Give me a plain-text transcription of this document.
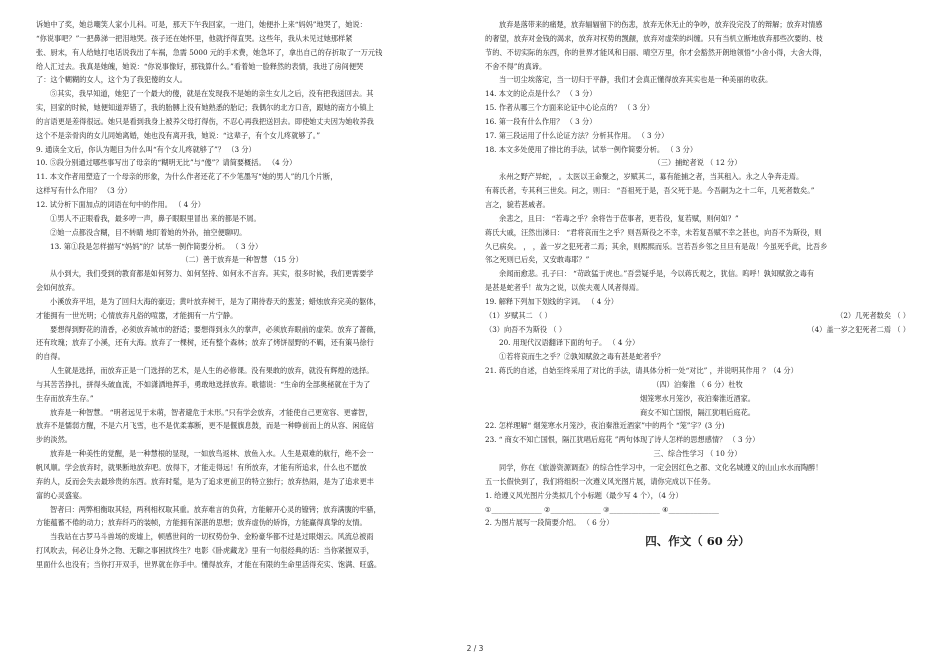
诉她中了奖，她总嘲笑人家小儿科。可是，那天下午我回家，一进门，她便扑上来“妈妈”地哭了，她说：

“你说事吧？”一把鼻涕一把泪地哭。孩子还在她怀里，他就抒得直哭。这些年，我从未见过她那样紧

张、厨末，有人给她打电话说我出了车祸，急需 5000 元的手术费，她急坏了，拿出自己的存折取了一万元钱

给人汇过去。我真是她魄，她说：“你说事像好，那钱算什么。”看着她一脸释然的表情，我进了房间便哭

了：这个糊糊的女人，这个为了我犯傻的女人。

⑤其实，我早知道，她犯了一个最大的傻，就是在发现我不是她的亲生女儿之后，没有把我送回去。其

实，回家的时候，她便知道弄错了，我的胎膊上没有她熟悉的胎记；我偶尔的北方口音，跟她的南方小镇上

的言语更是差得很远。她只是看到我身上被养父母打得伤，不忍心再我把送回去。即使她丈夫因为她收养我

这个不是亲骨肉的女儿同她离婚，她也没有离开我，她说：“这辈子，有个女儿疼就够了。”

9. 通读全文后，你认为题目为什么叫“有个女儿疼就够了”？ （3 分）

10. ⑤段分别通过哪些事写出了母亲的“糊明无比”与“傻”？请简要概括。 （4 分）

11. 本文作者用塑造了一个母亲的形象，为什么作者还花了不少笔墨写“她的男人”的几个片断，

这样写有什么作用？ （3 分）

12. 试分析下面加点的词语在句中的作用。 （ 4 分）

①男人不正眼看我，最多哼一声，鼻子眼眼里冒出 来的都是不屑。

②她一点都没含糊，目不转睛 地盯着她的外孙，抽空便聊叨。

13. 第①段是怎样描写“妈妈”的？试举一例作简要分析。 （ 3 分）

（二）善于放弃是一种智慧 （15 分）

从小到大，我们受到的教育都是如何努力、如何坚持、如何永不言弃。其实，很多时候，我们更需要学

会如何放弃。

小溪放弃平坦，是为了回归大海的豪迈；黄叶放弃树干，是为了期待春天的葱茏；蜡烛放弃完美的躯体，

才能拥有一世光明；心情放弃凡俗的喧嚣，才能拥有一片宁静。

要想得到野花的清香，必须放弃城市的舒适；要想得到永久的掌声，必须放弃眼前的虚荣。放弃了蔷薇，

还有玫瑰；放弃了小溪，还有大海。放弃了一棵树，还有整个森林；放弃了烤饼屋野的不羁，还有策马徐行

的自得。

人生就是选择，而放弃正是一门选择的艺术，是人生的必修课。没有果敢的放弃，就没有辉煌的选择。

与其苦苦挣扎，拼得头破血流，不如潇洒地挥手，勇敢地选择放弃。歌德说：“生命的全部奥秘就在于为了

生存而放弃生存。”

放弃是一种智慧。 “明者远见于未萌，智者避危于未形。”只有学会放弃，才能使自己更宽容、更睿智，

放弃不是懦弱方醒，不是六月飞雪，也不是优柔寡断，更不是偃旗息鼓，而是一种睁前而上的从容、闲庭信

步的淡然。

放弃是一种美性的觉醒，是一种慧根的显现，一如放鸟返林、放鱼入水。人生是艰难的航行，绝不会一

帆风顺。学会放弃时，就果断地放弃吧。放得下，才能走得远！有所放弃，才能有所追求，什么也不愿放

弃的人，反而会失去最珍贵的东西。放弃时髦，是为了追求更前卫的特立独行；放弃热闹，是为了追求更丰

富的心灵盛宴。

智者曰：两弊相衡取其轻，两利相权取其重。放弃难言的负荷，方能解开心灵的镣铐；放弃满腹的牢骚，

方能蕴蓄不倦的动力；放弃纤巧的装帧，方能拥有深湛的思想；放弃虚伪的矫饰，方能赢得真挚的友情。

当我站在古罗马斗兽场的废墟上，顿感世间的一切权势份争、金粉豪华都不过是过眼烟云。风流总被雨

打风吹去，何必让身外之物、无聊之事困扰终生？电影《卧虎藏龙》里有一句很经典的话：当你紧握双手，

里面什么也没有；当你打开双手，世界就在你手中。懂得放弃，才能在有限的生命里活得充实、饱满、旺盛。

放弃是落带来的痛楚，放弃辐辐留下的伤悲，放弃无休无止的争吵，放弃没完没了的辩解；放弃对情感

的奢望，放弃对金钱的渴求，放弃对权势的觊觎，放弃对虚荣的纠缠。只有当机立断地放弃那些次要的、枝

节的、不切实际的东西，你的世界才能风和日丽、晴空万里，你才会豁然开朗地领悟“小舍小得，大舍大得，

不舍不得”的真谛。

当一切尘埃落定，当一切归于平静，我们才会真正懂得放弃其实也是一种美丽的收获。

14. 本文的论点是什么？ （ 3 分）

15. 作者从哪三个方面来论证中心论点的？ （ 3 分）

16. 第一段有什么作用？ （ 3 分）

17. 第三段运用了什么论证方法？分析其作用。 （ 3 分）

18. 本文多处使用了排比的手法，试举一例作简要分析。 （ 3 分）

（三）捕蛇者说 （ 12 分）

永州之野产异蛇， 。太医以王命聚之，岁赋其二，募有能捕之者，当其租入。永之人争奔走焉。

有蒋氏者，专其利三世矣。问之，则曰： “吾祖死于是，吾父死于是。今吾嗣为之十二年，几死者数矣。”

言之，貌若甚戚者。

余悲之，且曰： “若毒之乎？余将告于莅事者，更若役，复若赋，则何如？”

蒋氏大戚，汪然出涕曰： “君将哀而生之乎？则吾斯役之不幸，未若复吾赋不幸之甚也，向吾不为斯役，则

久已病矣。 ， ，盖一岁之犯死者二焉；其余，则熙熙而乐。岂若吾乡邻之旦旦有是哉！今虽死乎此，比吾乡

邻之死则已后矣，又安敢毒耶？”

余闻而愈悲。孔子曰： “苛政猛于虎也。”吾尝疑乎是，今以蒋氏观之，犹信。呜呼！孰知赋敛之毒有

是甚是蛇者乎！故为之说，以俟夫观人风者得焉。

19. 解释下列加下划线的字词。 （ 4 分）

（1）岁赋其二 （ ）	（2）几死者数矣 （ ）
（3）向吾不为斯役 （ ）	（4）盖一岁之犯死者二焉 （ ）

20. 用现代汉语翻译下面的句子。 （ 4 分）

①若将哀而生之乎？②孰知赋敛之毒有甚是蛇者乎？

21. 蒋氏的自述，自始至终采用了对比的手法，请具体分析一处“对比” ，并说明其作用 ？（4 分）

（四）泊秦淮 （ 6 分）杜牧

烟笼寒水月笼沙，夜泊秦淮近酒家。

商女不知亡国恨，隔江犹唱后庭花。

22. 怎样理解“ 烟笼寒水月笼沙，夜泊秦淮近酒家”中的两个 “笼”字？(3 分)

23. “ 商女不知亡国恨，隔江犹唱后庭花 ”两句体现了诗人怎样的思想感情？ （ 3 分）

三、综合性学习 （ 10 分）

同学，你在《旅游资源调查》的综合性学习中，一定会因红色之都、文化名城遵义的山山水水而陶醉！

五一长假快到了，我们将组织一次遵义风光图片展，请你完成以下任务。

1. 给遵义风光图片分类拟几个小标题（最少写 4 个），（4 分）

①______________ ②______________ ③______________ ④______________

2. 为图片展写一段简要介绍。 （ 6 分）

四、作文（ 60 分）

2 / 3
